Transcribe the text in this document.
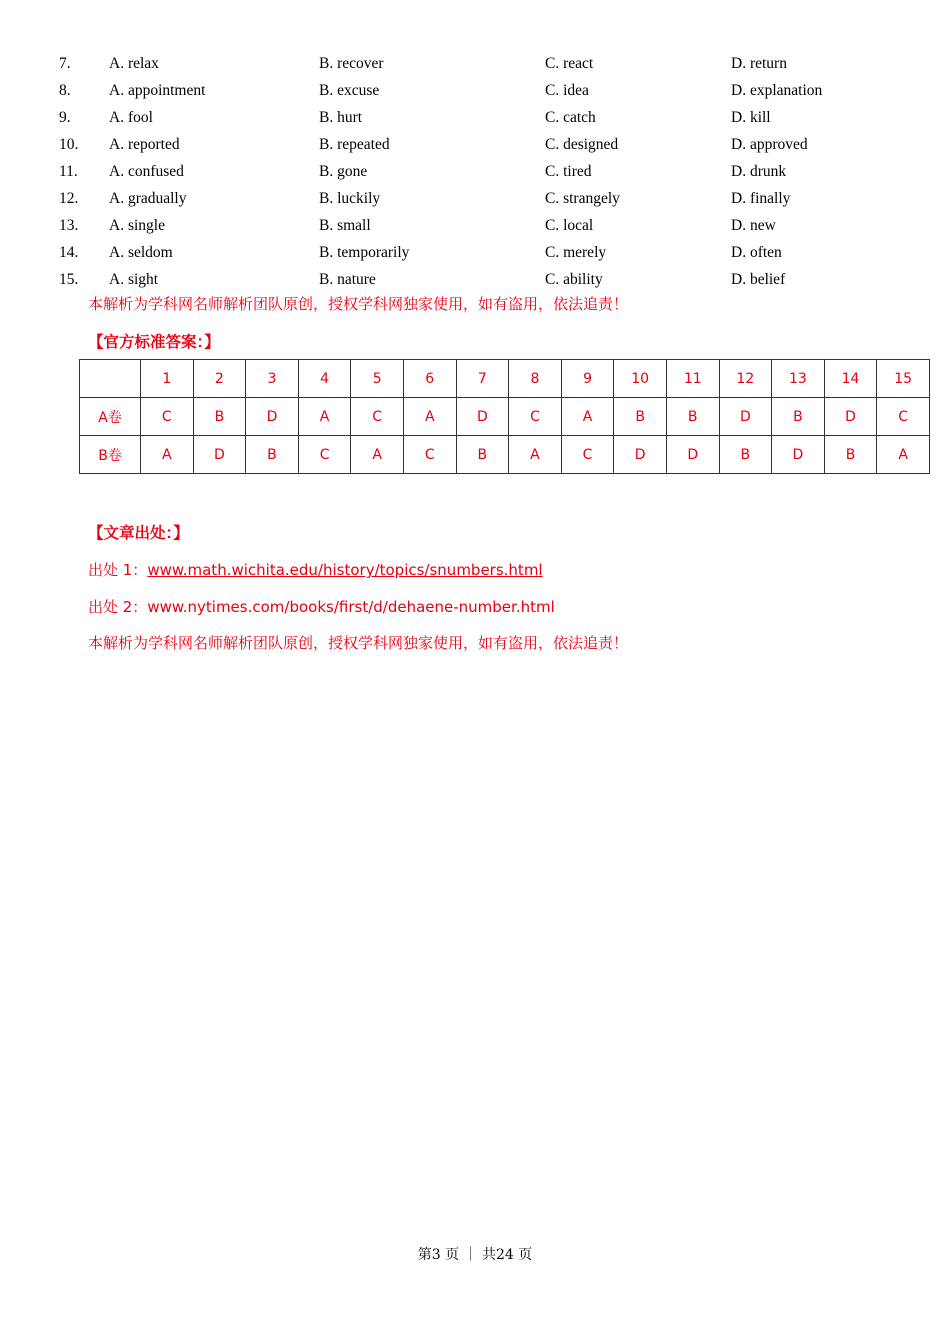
7. A. relax	B. recover	C. react	D. return
8. A. appointment	B. excuse	C. idea	D. explanation
9. A. fool	B. hurt	C. catch	D. kill
10. A. reported	B. repeated	C. designed	D. approved
11. A. confused	B. gone	C. tired	D. drunk
12. A. gradually	B. luckily	C. strangely	D. finally
13. A. single	B. small	C. local	D. new
14. A. seldom	B. temporarily	C. merely	D. often
15. A. sight	B. nature	C. ability	D. belief
本解析为学科网名师解析团队原创，授权学科网独家使用，如有盗用，依法追责！
【官方标准答案：】
	1	2	3	4	5	6	7	8	9	10	11	12	13	14	15
A卷	C	B	D	A	C	A	D	C	A	B	B	D	B	D	C
B卷	A	D	B	C	A	C	B	A	C	D	D	B	D	B	A
【文章出处：】
出处 1：www.math.wichita.edu/history/topics/snumbers.html
出处 2：www.nytimes.com/books/first/d/dehaene-number.html
本解析为学科网名师解析团队原创，授权学科网独家使用，如有盗用，依法追责！
第3 页 ｜ 共24 页
